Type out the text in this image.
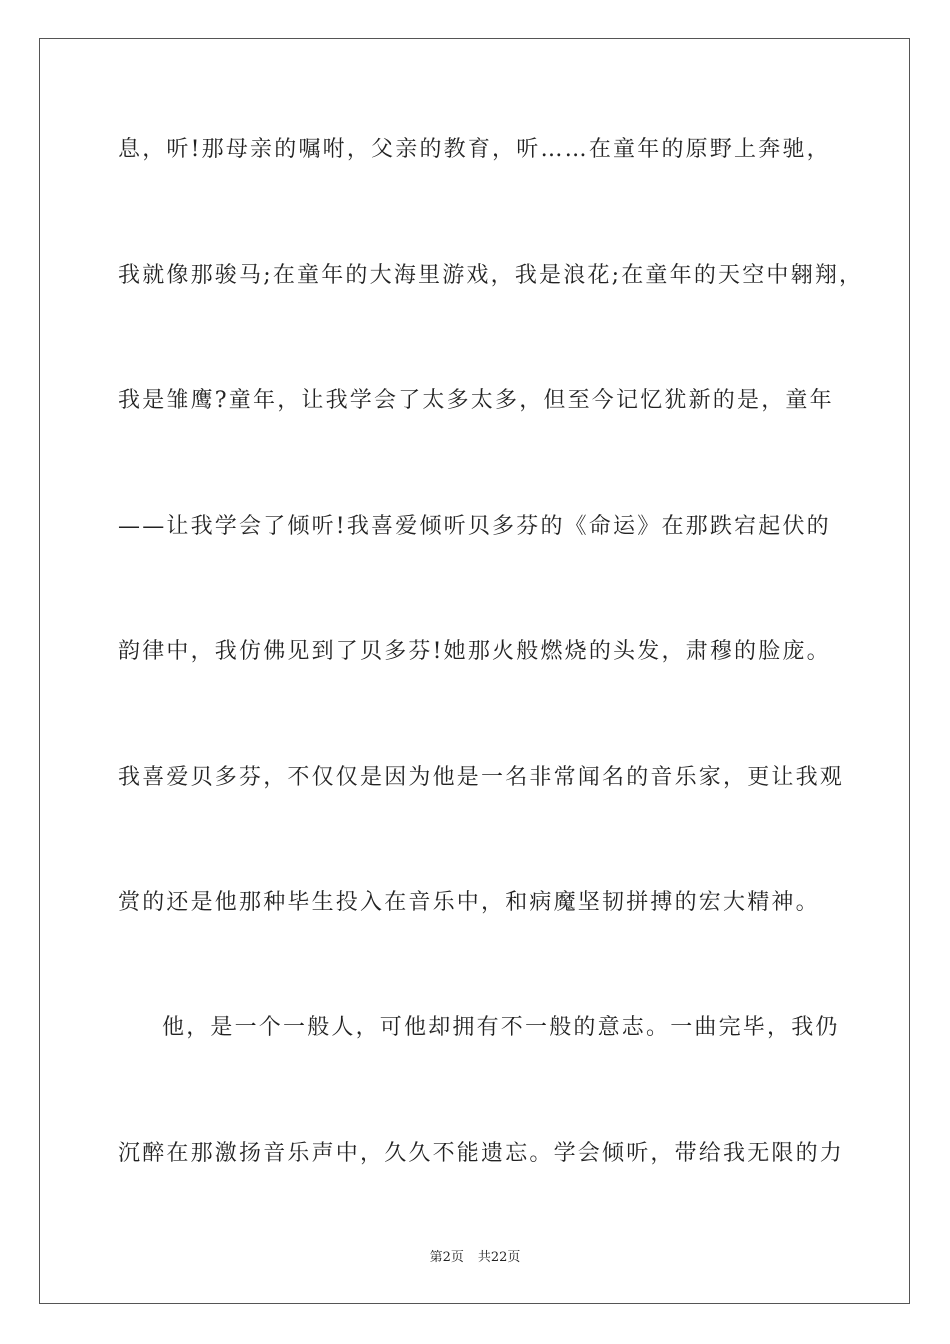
息，听!那母亲的嘱咐，父亲的教育，听……在童年的原野上奔驰，
我就像那骏马;在童年的大海里游戏，我是浪花;在童年的天空中翱翔，
我是雏鹰?童年，让我学会了太多太多，但至今记忆犹新的是，童年
——让我学会了倾听!我喜爱倾听贝多芬的《命运》在那跌宕起伏的
韵律中，我仿佛见到了贝多芬!她那火般燃烧的头发，肃穆的脸庞。
我喜爱贝多芬，不仅仅是因为他是一名非常闻名的音乐家，更让我观
赏的还是他那种毕生投入在音乐中，和病魔坚韧拼搏的宏大精神。
他，是一个一般人，可他却拥有不一般的意志。一曲完毕，我仍
沉醉在那激扬音乐声中，久久不能遗忘。学会倾听，带给我无限的力
第2页 共22页
